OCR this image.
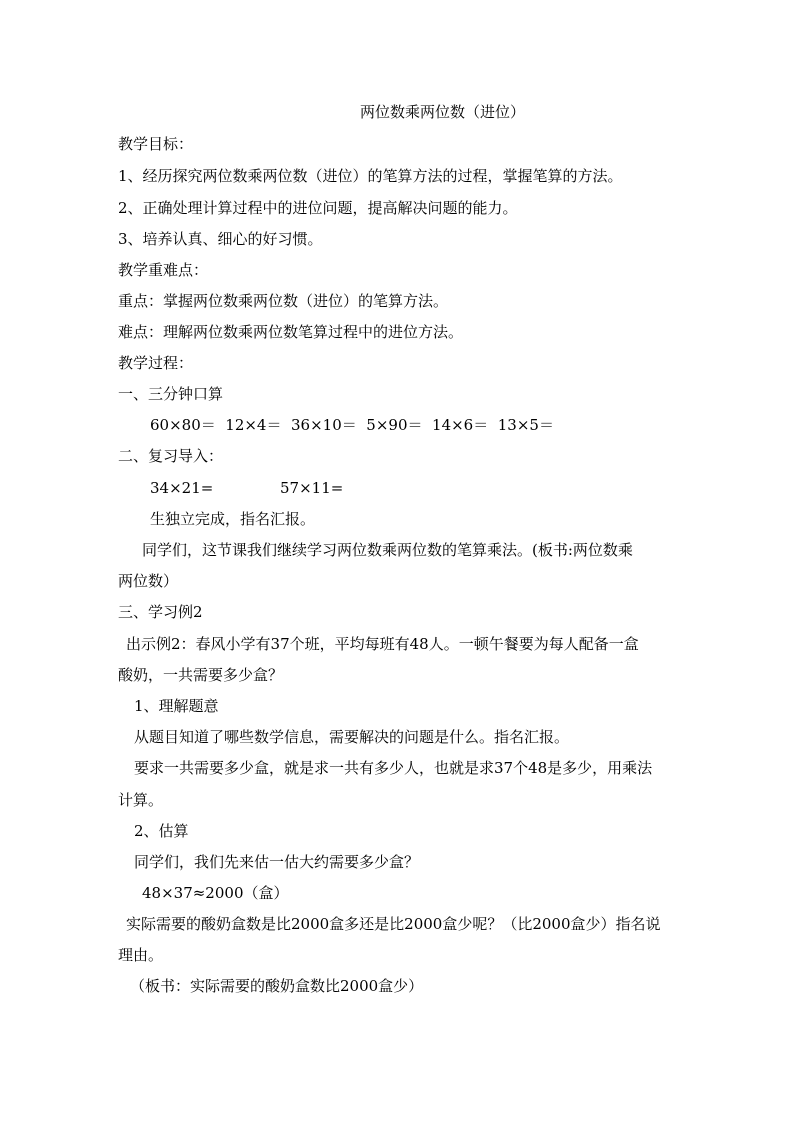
两位数乘两位数（进位）
教学目标：
1、经历探究两位数乘两位数（进位）的笔算方法的过程，掌握笔算的方法。
2、正确处理计算过程中的进位问题，提高解决问题的能力。
3、培养认真、细心的好习惯。
教学重难点：
重点：掌握两位数乘两位数（进位）的笔算方法。
难点：理解两位数乘两位数笔算过程中的进位方法。
教学过程：
一、三分钟口算
60×80＝  12×4＝  36×10＝  5×90＝  14×6＝  13×5＝
二、复习导入：
34×21=	57×11=
生独立完成，指名汇报。
同学们，这节课我们继续学习两位数乘两位数的笔算乘法。(板书:两位数乘
两位数）
三、学习例2
出示例2：春风小学有37个班，平均每班有48人。一顿午餐要为每人配备一盒
酸奶，一共需要多少盒？
1、理解题意
从题目知道了哪些数学信息，需要解决的问题是什么。指名汇报。
要求一共需要多少盒，就是求一共有多少人，也就是求37个48是多少，用乘法
计算。
2、估算
同学们，我们先来估一估大约需要多少盒？
48×37≈2000（盒）
实际需要的酸奶盒数是比2000盒多还是比2000盒少呢？（比2000盒少）指名说
理由。
（板书：实际需要的酸奶盒数比2000盒少）
